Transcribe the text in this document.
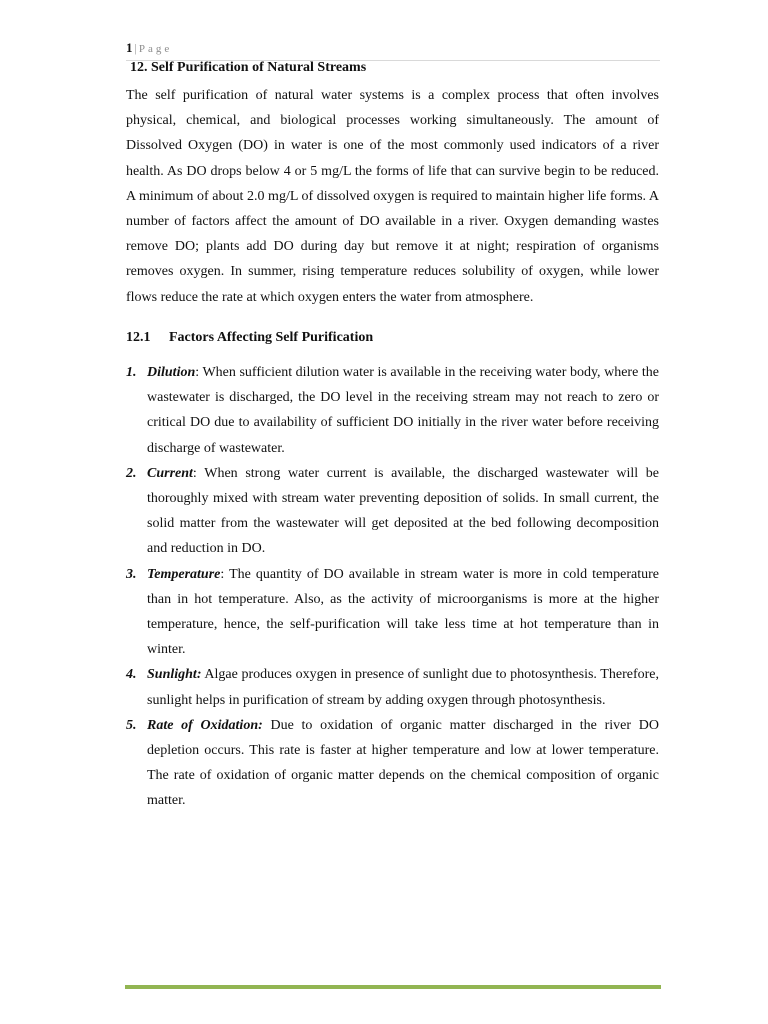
1 | Page
12. Self Purification of Natural Streams

The self purification of natural water systems is a complex process that often involves physical, chemical, and biological processes working simultaneously. The amount of Dissolved Oxygen (DO) in water is one of the most commonly used indicators of a river health. As DO drops below 4 or 5 mg/L the forms of life that can survive begin to be reduced. A minimum of about 2.0 mg/L of dissolved oxygen is required to maintain higher life forms. A number of factors affect the amount of DO available in a river. Oxygen demanding wastes remove DO; plants add DO during day but remove it at night; respiration of organisms removes oxygen. In summer, rising temperature reduces solubility of oxygen, while lower flows reduce the rate at which oxygen enters the water from atmosphere.

12.1 Factors Affecting Self Purification
1. Dilution: When sufficient dilution water is available in the receiving water body, where the wastewater is discharged, the DO level in the receiving stream may not reach to zero or critical DO due to availability of sufficient DO initially in the river water before receiving discharge of wastewater.
2. Current: When strong water current is available, the discharged wastewater will be thoroughly mixed with stream water preventing deposition of solids. In small current, the solid matter from the wastewater will get deposited at the bed following decomposition and reduction in DO.
3. Temperature: The quantity of DO available in stream water is more in cold temperature than in hot temperature. Also, as the activity of microorganisms is more at the higher temperature, hence, the self-purification will take less time at hot temperature than in winter.
4. Sunlight: Algae produces oxygen in presence of sunlight due to photosynthesis. Therefore, sunlight helps in purification of stream by adding oxygen through photosynthesis.
5. Rate of Oxidation: Due to oxidation of organic matter discharged in the river DO depletion occurs. This rate is faster at higher temperature and low at lower temperature. The rate of oxidation of organic matter depends on the chemical composition of organic matter.
